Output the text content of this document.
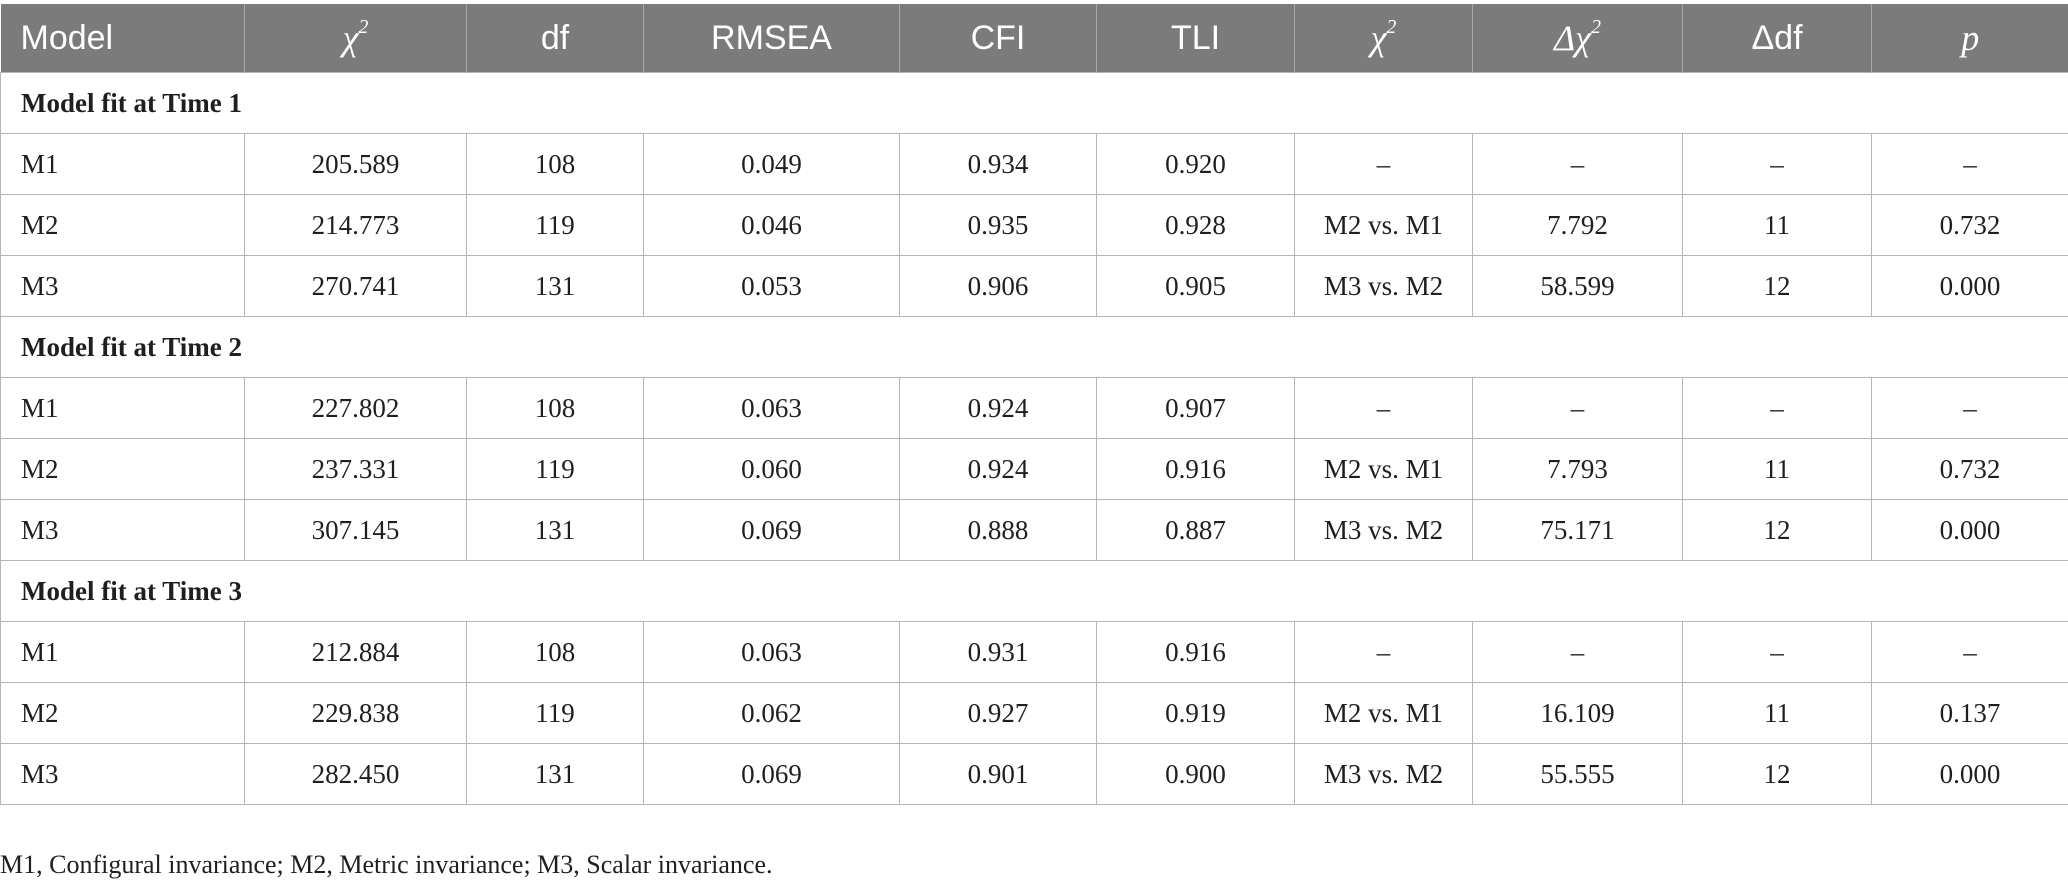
Model	$\chi^2$	df	RMSEA	CFI	TLI	$\chi^2$	$\Delta\chi^2$	Δdf	p
Model fit at Time 1									
M1	205.589	108	0.049	0.934	0.920	–	–	–	–
M2	214.773	119	0.046	0.935	0.928	M2 vs. M1	7.792	11	0.732
M3	270.741	131	0.053	0.906	0.905	M3 vs. M2	58.599	12	0.000
Model fit at Time 2									
M1	227.802	108	0.063	0.924	0.907	–	–	–	–
M2	237.331	119	0.060	0.924	0.916	M2 vs. M1	7.793	11	0.732
M3	307.145	131	0.069	0.888	0.887	M3 vs. M2	75.171	12	0.000
Model fit at Time 3									
M1	212.884	108	0.063	0.931	0.916	–	–	–	–
M2	229.838	119	0.062	0.927	0.919	M2 vs. M1	16.109	11	0.137
M3	282.450	131	0.069	0.901	0.900	M3 vs. M2	55.555	12	0.000
M1, Configural invariance; M2, Metric invariance; M3, Scalar invariance.
